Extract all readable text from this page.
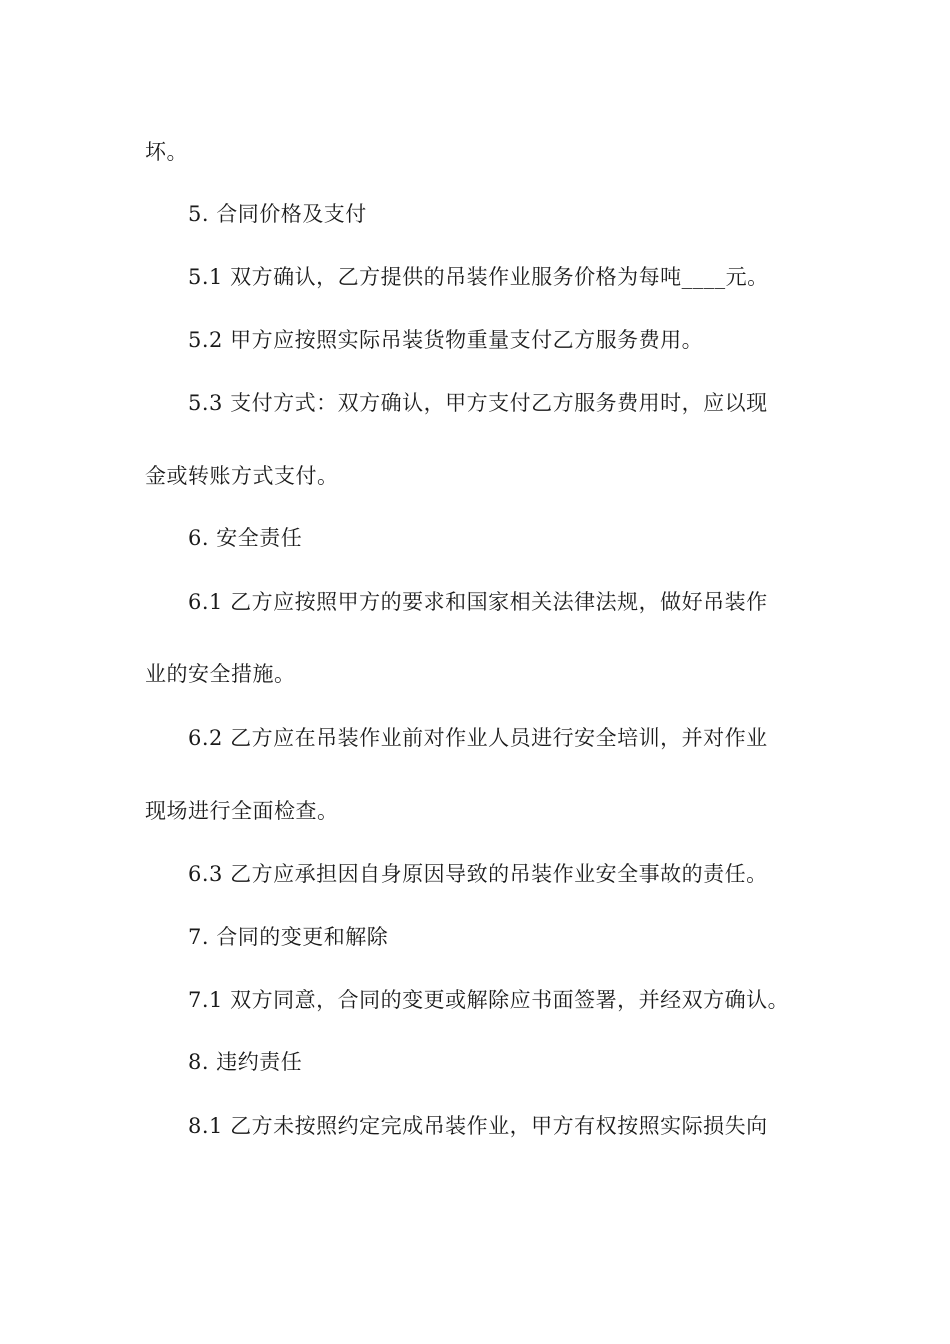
坏。
5. 合同价格及支付
5.1 双方确认，乙方提供的吊装作业服务价格为每吨____元。
5.2 甲方应按照实际吊装货物重量支付乙方服务费用。
5.3 支付方式：双方确认，甲方支付乙方服务费用时，应以现
金或转账方式支付。
6. 安全责任
6.1 乙方应按照甲方的要求和国家相关法律法规，做好吊装作
业的安全措施。
6.2 乙方应在吊装作业前对作业人员进行安全培训，并对作业
现场进行全面检查。
6.3 乙方应承担因自身原因导致的吊装作业安全事故的责任。
7. 合同的变更和解除
7.1 双方同意，合同的变更或解除应书面签署，并经双方确认。
8. 违约责任
8.1 乙方未按照约定完成吊装作业，甲方有权按照实际损失向
